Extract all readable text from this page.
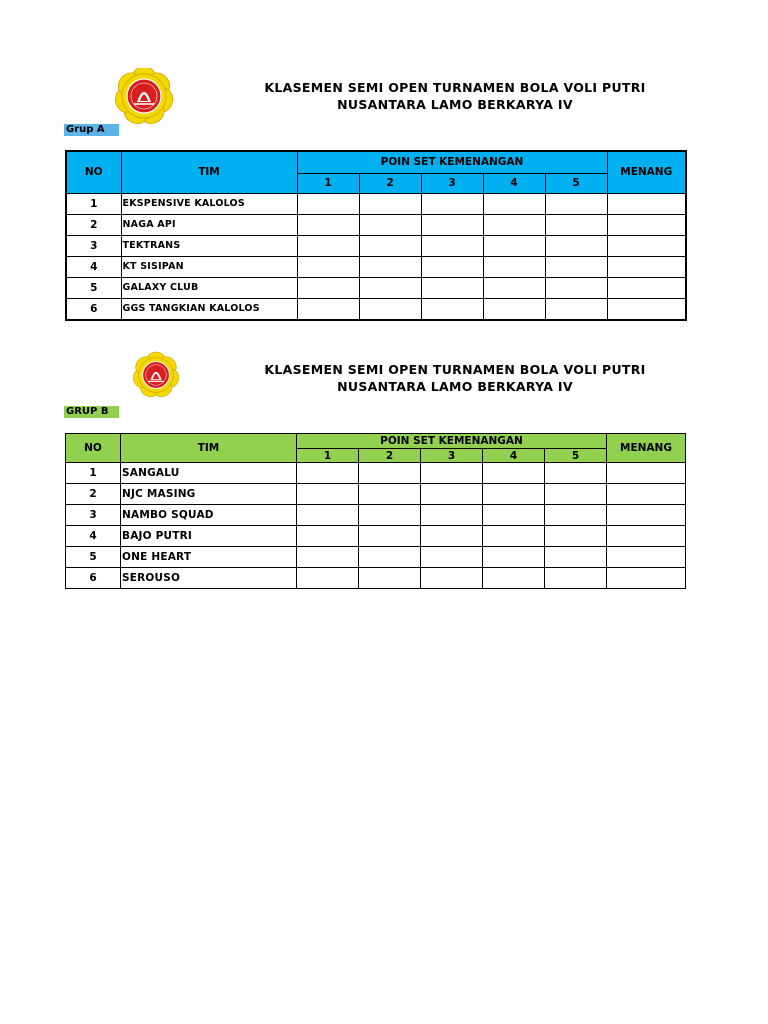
KLASEMEN SEMI OPEN TURNAMEN BOLA VOLI PUTRI
NUSANTARA LAMO BERKARYA IV
Grup A
NO	TIM	POIN SET KEMENANGAN					MENANG
		1	2	3	4	5	
1	EKSPENSIVE KALOLOS						
2	NAGA API						
3	TEKTRANS						
4	KT SISIPAN						
5	GALAXY CLUB						
6	GGS TANGKIAN KALOLOS						
KLASEMEN SEMI OPEN TURNAMEN BOLA VOLI PUTRI
NUSANTARA LAMO BERKARYA IV
GRUP B
NO	TIM	POIN SET KEMENANGAN					MENANG
		1	2	3	4	5	
1	SANGALU						
2	NJC MASING						
3	NAMBO SQUAD						
4	BAJO PUTRI						
5	ONE HEART						
6	SEROUSO						
